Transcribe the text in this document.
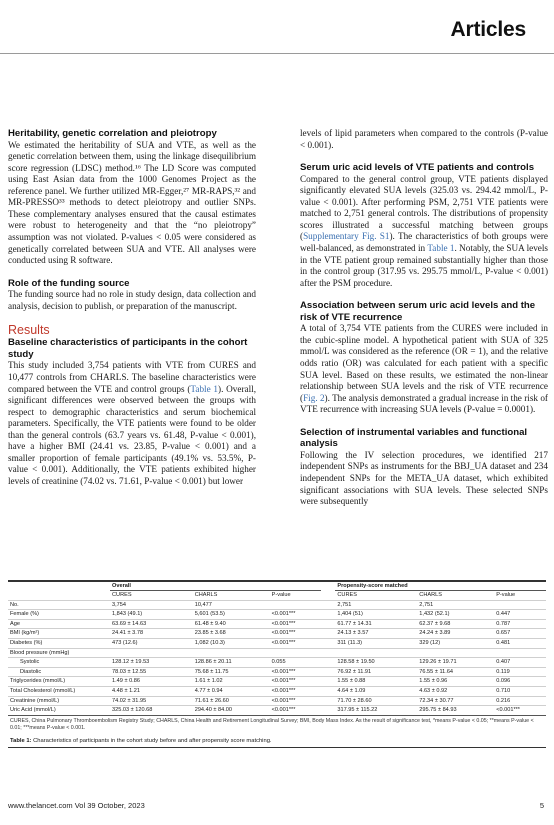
Articles
Heritability, genetic correlation and pleiotropy

We estimated the heritability of SUA and VTE, as well as the genetic correlation between them, using the linkage disequilibrium score regression (LDSC) method.¹⁶ The LD Score was computed using East Asian data from the 1000 Genomes Project as the reference panel. We further utilized MR-Egger,²⁷ MR-RAPS,³² and MR-PRESSO³³ methods to detect pleiotropy and outlier SNPs. These complementary analyses ensured that the causal estimates were robust to heterogeneity and that the “no pleiotropy” assumption was not violated. P-values < 0.05 were considered as genetically correlated between SUA and VTE. All analyses were conducted using R software.

Role of the funding source

The funding source had no role in study design, data collection and analysis, decision to publish, or preparation of the manuscript.

Results
Baseline characteristics of participants in the cohort study

This study included 3,754 patients with VTE from CURES and 10,477 controls from CHARLS. The baseline characteristics were compared between the VTE and control groups (Table 1). Overall, significant differences were observed between the groups with respect to demographic characteristics and serum biochemical parameters. Specifically, the VTE patients were found to be older than the general controls (63.7 years vs. 61.48, P-value < 0.001), have a higher BMI (24.41 vs. 23.85, P-value < 0.001) and a smaller proportion of female participants (49.1% vs. 53.5%, P-value < 0.001). Additionally, the VTE patients exhibited higher levels of creatinine (74.02 vs. 71.61, P-value < 0.001) but lower

levels of lipid parameters when compared to the controls (P-value < 0.001).

Serum uric acid levels of VTE patients and controls

Compared to the general control group, VTE patients displayed significantly elevated SUA levels (325.03 vs. 294.42 mmol/L, P-value < 0.001). After performing PSM, 2,751 VTE patients were matched to 2,751 general controls. The distributions of propensity scores illustrated a successful matching between groups (Supplementary Fig. S1). The characteristics of both groups were well-balanced, as demonstrated in Table 1. Notably, the SUA levels in the VTE patient group remained substantially higher than those in the control group (317.95 vs. 295.75 mmol/L, P-value < 0.001) after the PSM procedure.

Association between serum uric acid levels and the risk of VTE recurrence

A total of 3,754 VTE patients from the CURES were included in the cubic-spline model. A hypothetical patient with SUA of 325 mmol/L was considered as the reference (OR = 1), and the relative odds ratio (OR) was calculated for each patient with a specific SUA level. Based on these results, we estimated the non-linear relationship between SUA levels and the risk of VTE recurrence (Fig. 2). The analysis demonstrated a gradual increase in the risk of VTE recurrence with increasing SUA levels (P-value = 0.0001).

Selection of instrumental variables and functional analysis

Following the IV selection procedures, we identified 217 independent SNPs as instruments for the BBJ_UA dataset and 234 independent SNPs for the META_UA dataset, which exhibited significant associations with SUA levels. These selected SNPs were subsequently

	Overall				Propensity-score matched		
	CURES	CHARLS	P-value		CURES	CHARLS	P-value
No.	3,754	10,477			2,751	2,751	
Female (%)	1,843 (49.1)	5,601 (53.5)	<0.001***		1,404 (51)	1,432 (52.1)	0.447
Age	63.69 ± 14.63	61.48 ± 9.40	<0.001***		61.77 ± 14.31	62.37 ± 9.68	0.787
BMI (kg/m²)	24.41 ± 3.78	23.85 ± 3.68	<0.001***		24.13 ± 3.57	24.24 ± 3.89	0.657
Diabetes (%)	473 (12.6)	1,082 (10.3)	<0.001***		311 (11.3)	329 (12)	0.481
Blood pressure (mmHg)							
Systolic	128.12 ± 19.53	128.86 ± 20.11	0.055		128.58 ± 19.50	129.26 ± 19.71	0.407
Diastolic	78.03 ± 12.55	75.68 ± 11.75	<0.001***		76.92 ± 11.91	76.55 ± 11.64	0.119
Triglycerides (mmol/L)	1.49 ± 0.86	1.61 ± 1.02	<0.001***		1.55 ± 0.88	1.55 ± 0.96	0.096
Total Cholesterol (mmol/L)	4.48 ± 1.21	4.77 ± 0.94	<0.001***		4.64 ± 1.09	4.63 ± 0.92	0.710
Creatinine (mmol/L)	74.02 ± 31.95	71.61 ± 26.60	<0.001***		71.70 ± 28.60	72.34 ± 30.77	0.216
Uric Acid (mmol/L)	325.03 ± 120.68	294.40 ± 84.00	<0.001***		317.95 ± 115.22	295.75 ± 84.93	<0.001***
CURES, China Pulmonary Thromboembolism Registry Study; CHARLS, China Health and Retirement Longitudinal Survey; BMI, Body Mass Index. As the result of significance test, *means P-value < 0.05; **means P-value < 0.01; ***means P-value < 0.001.
Table 1: Characteristics of participants in the cohort study before and after propensity score matching.
www.thelancet.com Vol 39 October, 2023	5
